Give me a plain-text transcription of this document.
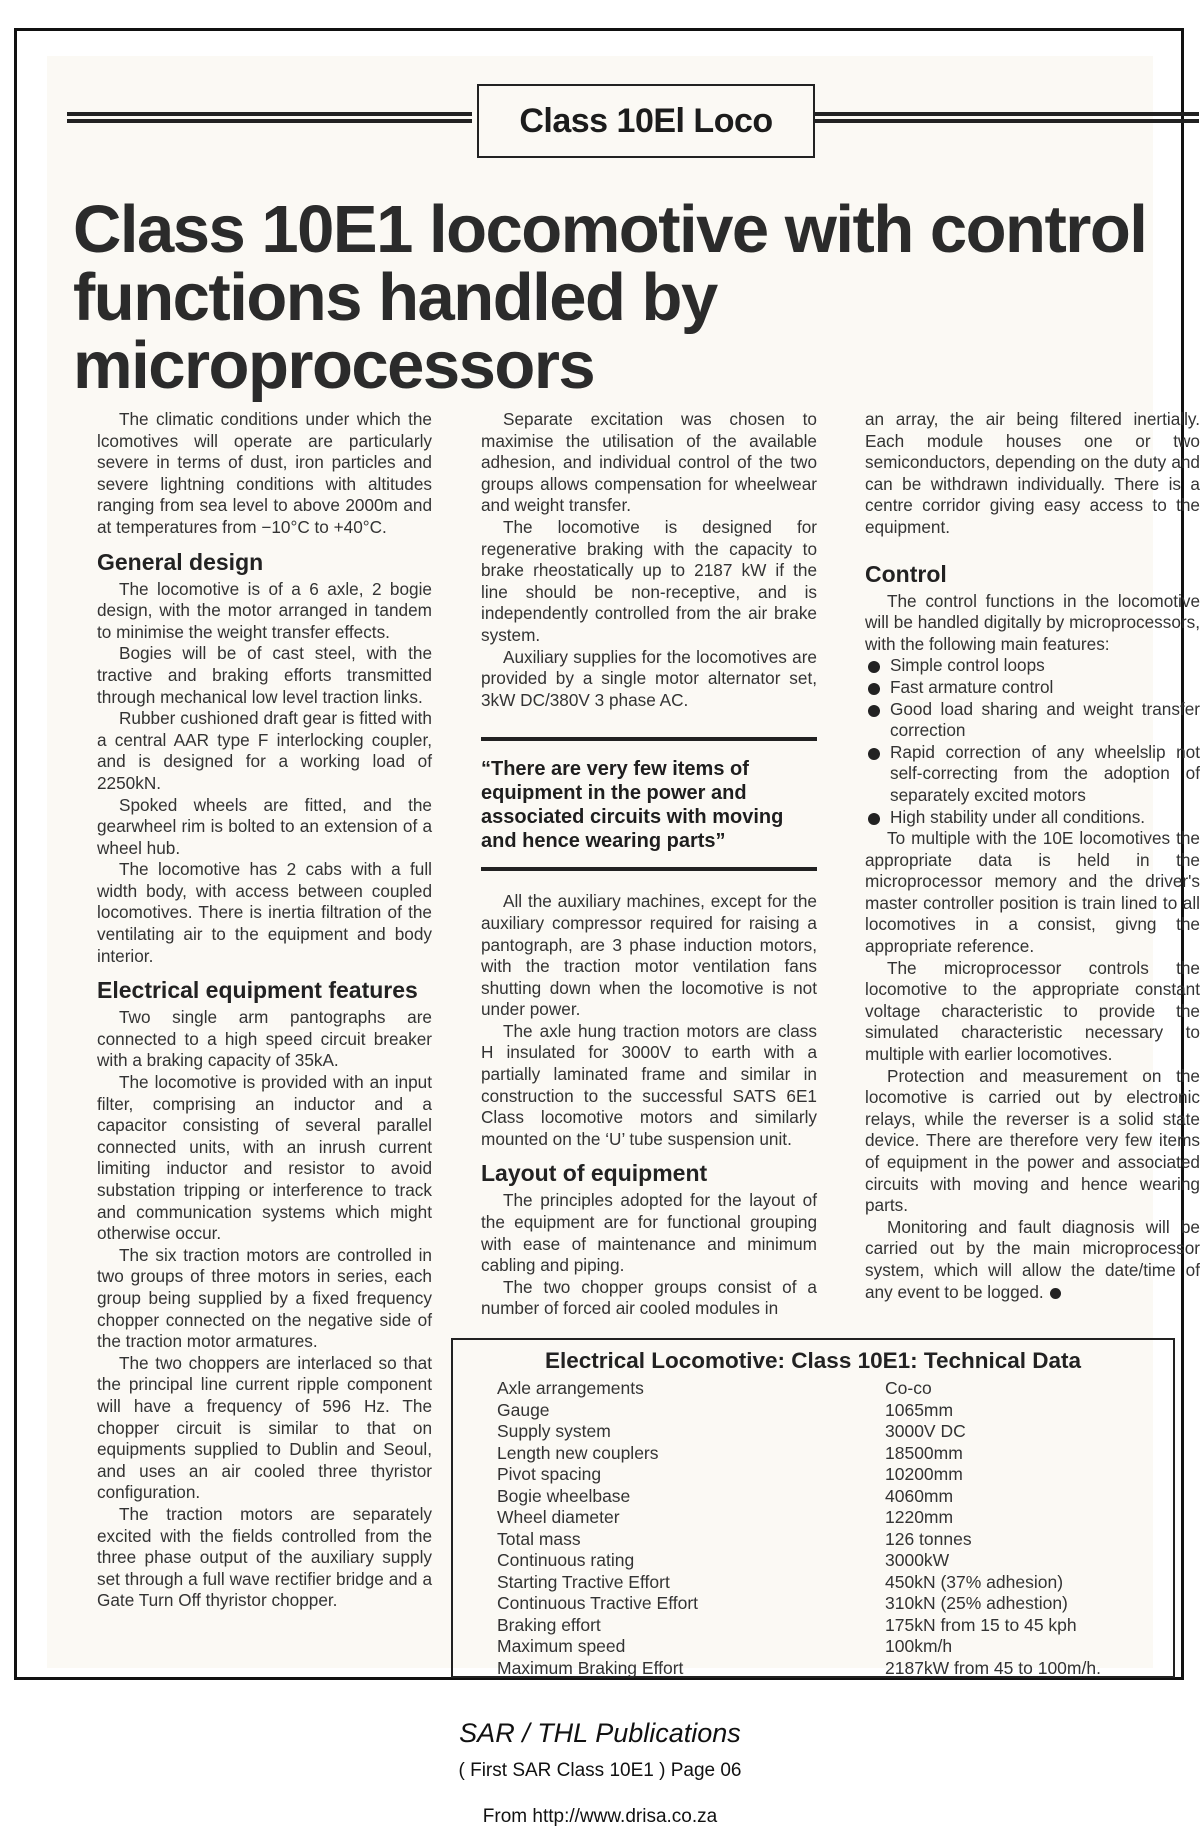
Class 10El Loco
Class 10E1 locomotive with control
functions handled by microprocessors

The climatic conditions under which the lcomotives will operate are particularly severe in terms of dust, iron particles and severe lightning conditions with altitudes ranging from sea level to above 2000m and at temperatures from −10°C to +40°C.

General design

The locomotive is of a 6 axle, 2 bogie design, with the motor arranged in tandem to minimise the weight transfer effects.

Bogies will be of cast steel, with the tractive and braking efforts transmitted through mechanical low level traction links.

Rubber cushioned draft gear is fitted with a central AAR type F interlocking coupler, and is designed for a working load of 2250kN.

Spoked wheels are fitted, and the gearwheel rim is bolted to an extension of a wheel hub.

The locomotive has 2 cabs with a full width body, with access between coupled locomotives. There is inertia filtration of the ventilating air to the equipment and body interior.

Electrical equipment features

Two single arm pantographs are connected to a high speed circuit breaker with a braking capacity of 35kA.

The locomotive is provided with an input filter, comprising an inductor and a capacitor consisting of several parallel connected units, with an inrush current limiting inductor and resistor to avoid substation tripping or interference to track and communication systems which might otherwise occur.

The six traction motors are controlled in two groups of three motors in series, each group being supplied by a fixed frequency chopper connected on the negative side of the traction motor armatures.

The two choppers are interlaced so that the principal line current ripple component will have a frequency of 596 Hz. The chopper circuit is similar to that on equipments supplied to Dublin and Seoul, and uses an air cooled three thyristor configuration.

The traction motors are separately excited with the fields controlled from the three phase output of the auxiliary supply set through a full wave rectifier bridge and a Gate Turn Off thyristor chopper.

Separate excitation was chosen to maximise the utilisation of the available adhesion, and individual control of the two groups allows compensation for wheelwear and weight transfer.

The locomotive is designed for regenerative braking with the capacity to brake rheostatically up to 2187 kW if the line should be non-receptive, and is independently controlled from the air brake system.

Auxiliary supplies for the locomotives are provided by a single motor alternator set, 3kW DC/380V 3 phase AC.

“There are very few items of equipment in the power and associated circuits with moving and hence wearing parts”

All the auxiliary machines, except for the auxiliary compressor required for raising a pantograph, are 3 phase induction motors, with the traction motor ventilation fans shutting down when the locomotive is not under power.

The axle hung traction motors are class H insulated for 3000V to earth with a partially laminated frame and similar in construction to the successful SATS 6E1 Class locomotive motors and similarly mounted on the ‘U’ tube suspension unit.

Layout of equipment

The principles adopted for the layout of the equipment are for functional grouping with ease of maintenance and minimum cabling and piping.

The two chopper groups consist of a number of forced air cooled modules in

an array, the air being filtered inertially. Each module houses one or two semiconductors, depending on the duty and can be withdrawn individually. There is a centre corridor giving easy access to the equipment.

Control

The control functions in the locomotive will be handled digitally by microprocessors, with the following main features:

Simple control loops
Fast armature control
Good load sharing and weight transfer correction
Rapid correction of any wheelslip not self-correcting from the adoption of separately excited motors
High stability under all conditions.

To multiple with the 10E locomotives the appropriate data is held in the microprocessor memory and the driver's master controller position is train lined to all locomotives in a consist, givng the appropriate reference.

The microprocessor controls the locomotive to the appropriate constant voltage characteristic to provide the simulated characteristic necessary to multiple with earlier locomotives.

Protection and measurement on the locomotive is carried out by electronic relays, while the reverser is a solid state device. There are therefore very few items of equipment in the power and associated circuits with moving and hence wearing parts.

Monitoring and fault diagnosis will be carried out by the main microprocessor system, which will allow the date/time of any event to be logged.

Electrical Locomotive: Class 10E1: Technical Data
Axle arrangements	Co-co
Gauge	1065mm
Supply system	3000V DC
Length new couplers	18500mm
Pivot spacing	10200mm
Bogie wheelbase	4060mm
Wheel diameter	1220mm
Total mass	126 tonnes
Continuous rating	3000kW
Starting Tractive Effort	450kN (37% adhesion)
Continuous Tractive Effort	310kN (25% adhestion)
Braking effort	175kN from 15 to 45 kph
Maximum speed	100km/h
Maximum Braking Effort	2187kW from 45 to 100m/h.
SAR / THL Publications
( First SAR Class 10E1 ) Page 06
From http://www.drisa.co.za
